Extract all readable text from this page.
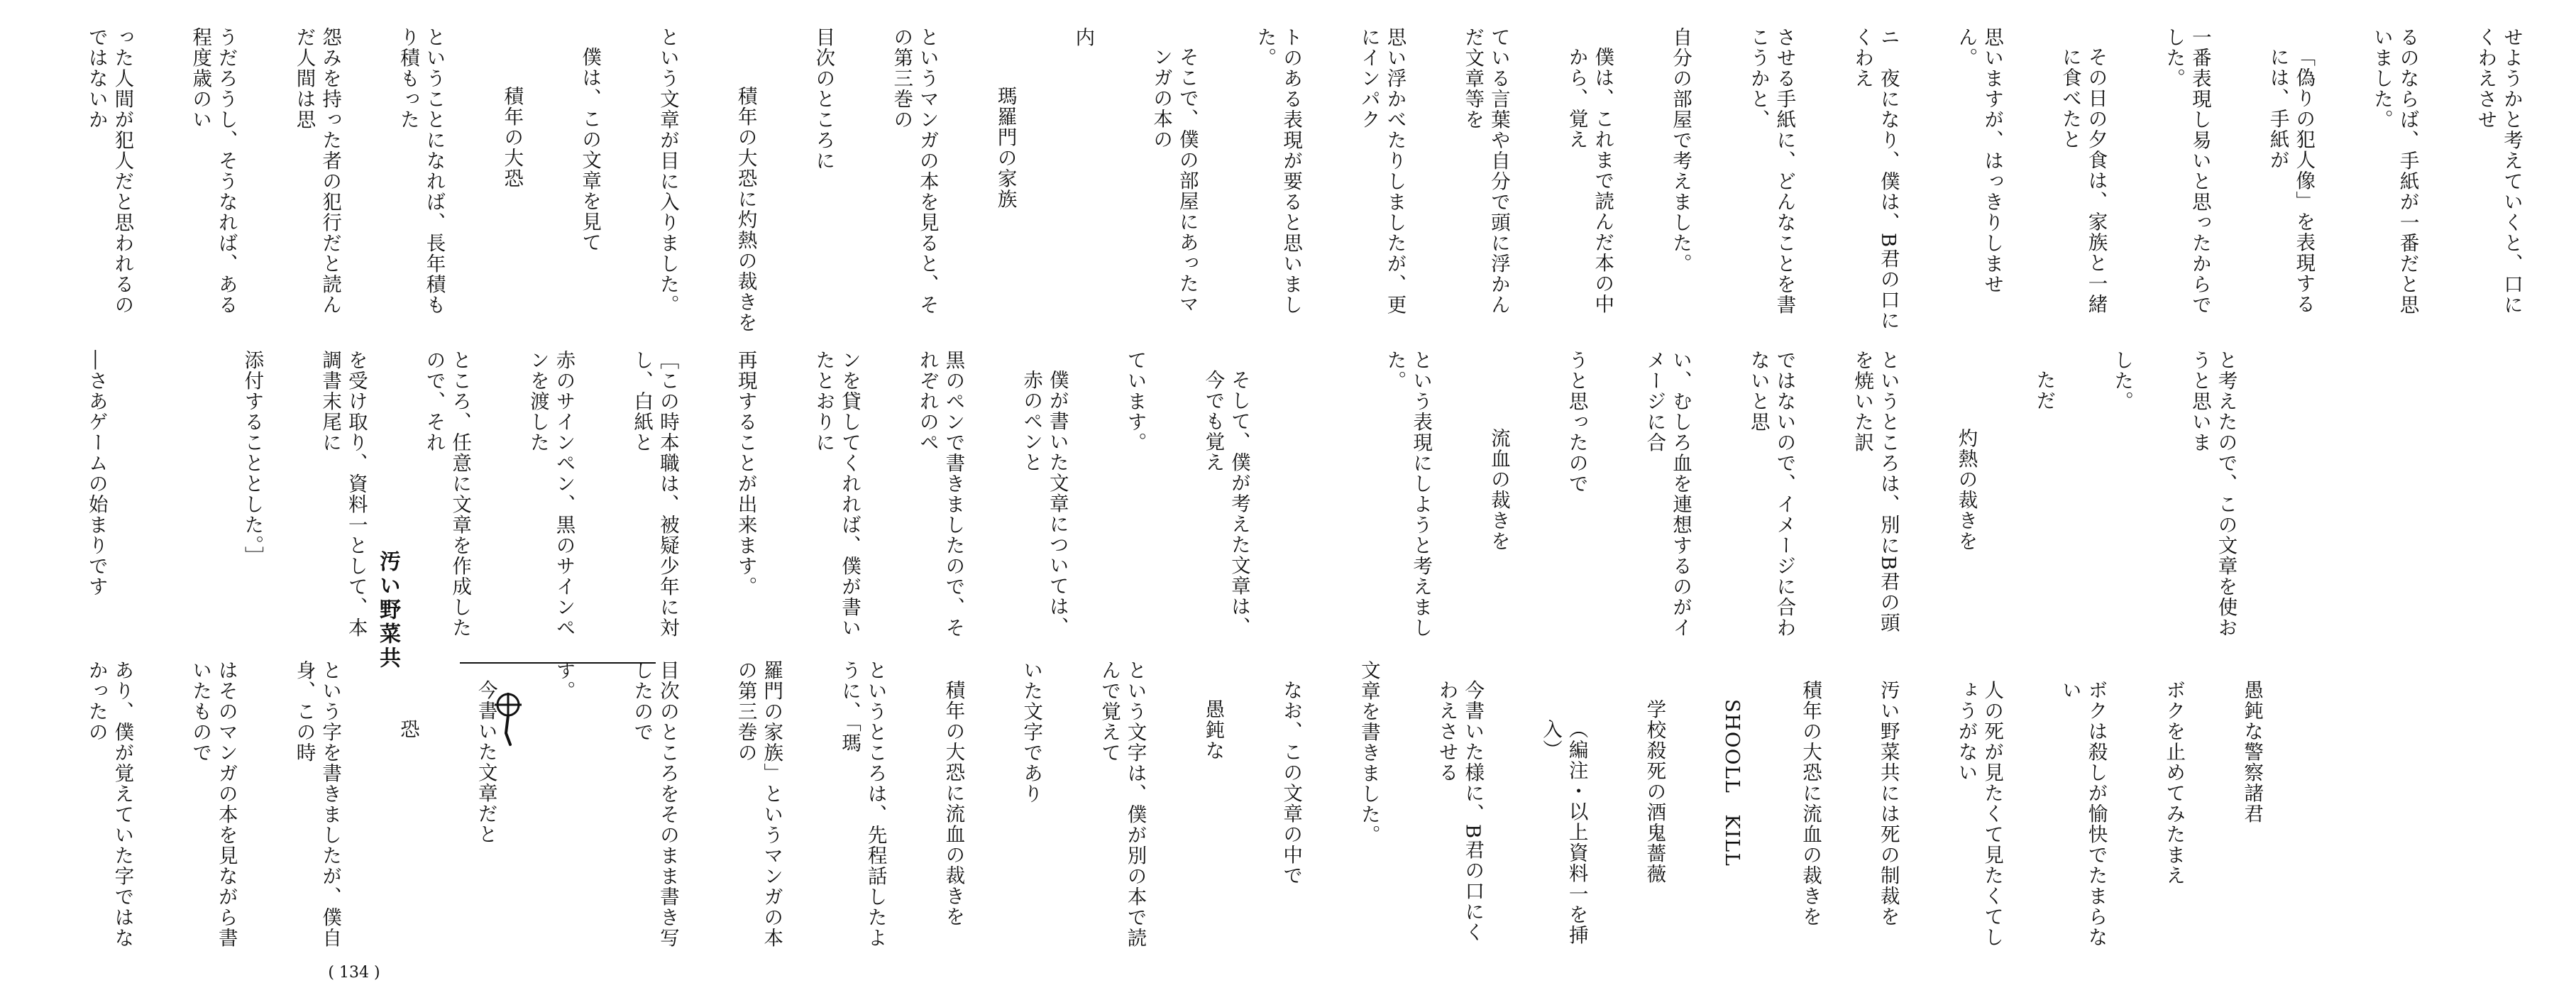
せようかと考えていくと、口にくわえさせ

るのならば、手紙が一番だと思いました。

「偽りの犯人像」を表現するには、手紙が

一番表現し易いと思ったからでした。

その日の夕食は、家族と一緒に食べたと

思いますが、はっきりしません。

ニ　夜になり、僕は、B君の口にくわえ

させる手紙に、どんなことを書こうかと、

自分の部屋で考えました。

僕は、これまで読んだ本の中から、覚え

ている言葉や自分で頭に浮かんだ文章等を

思い浮かべたりしましたが、更にインパク

トのある表現が要ると思いました。

そこで、僕の部屋にあったマンガの本の

内

瑪羅門の家族

というマンガの本を見ると、その第三巻の

目次のところに

積年の大恐に灼熱の裁きを

という文章が目に入りました。

僕は、この文章を見て

積年の大恐

ということになれば、長年積もり積もった

怨みを持った者の犯行だと読んだ人間は思

うだろうし、そうなれば、ある程度歳のい

った人間が犯人だと思われるのではないか

と考えたので、この文章を使おうと思いま

した。

ただ

灼熱の裁きを

というところは、別にB君の頭を焼いた訳

ではないので、イメージに合わないと思

い、むしろ血を連想するのがイメージに合

うと思ったので

流血の裁きを

という表現にしようと考えました。

そして、僕が考えた文章は、今でも覚え

ています。

僕が書いた文章については、赤のペンと

黒のペンで書きましたので、それぞれのペ

ンを貸してくれれば、僕が書いたとおりに

再現することが出来ます。

［この時本職は、被疑少年に対し、白紙と

赤のサインペン、黒のサインペンを渡した

ところ、任意に文章を作成したので、それ

を受け取り、資料一として、本調書末尾に

添付することとした。］

―さあゲームの始まりです

汚い野菜共

愚鈍な警察諸君

ボクを止めてみたまえ

ボクは殺しが愉快でたまらない

人の死が見たくて見たくてしょうがない

汚い野菜共には死の制裁を

積年の大恐に流血の裁きを

SHOOLL　KILL

学校殺死の酒鬼薔薇

（編注・以上資料一を挿入）

今書いた様に、B君の口にくわえさせる

文章を書きました。

なお、この文章の中で

愚鈍な

という文字は、僕が別の本で読んで覚えて

いた文字であり

積年の大恐に流血の裁きを

というところは、先程話したように、「瑪

羅門の家族」というマンガの本の第三巻の

目次のところをそのまま書き写したので

す。

今書いた文章だと

恐

という字を書きましたが、僕自身、この時

はそのマンガの本を見ながら書いたもので

あり、僕が覚えていた字ではなかったの

( 134 )
